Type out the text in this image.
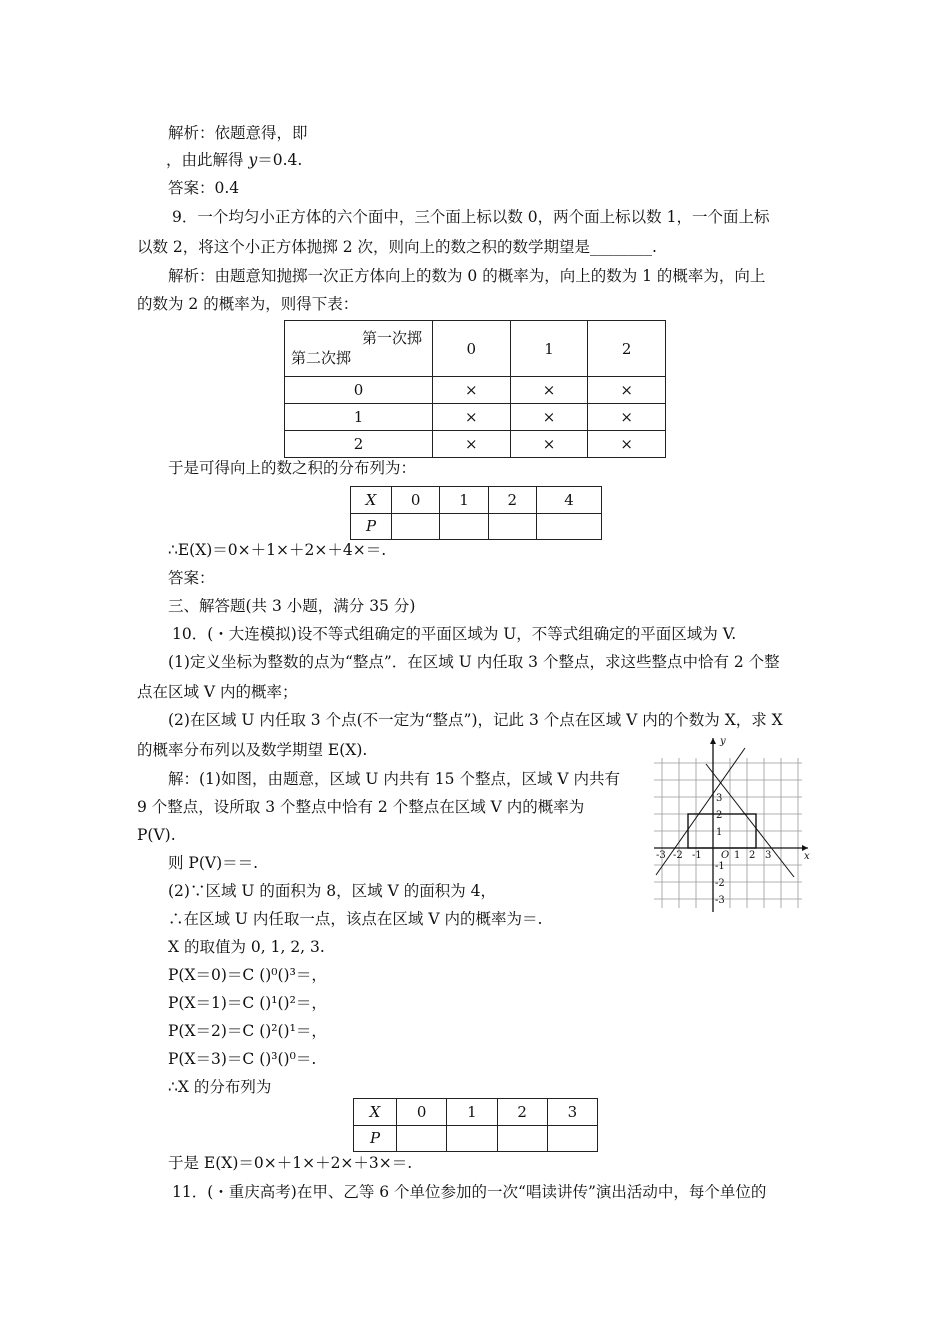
解析：依题意得，即
，由此解得 y＝0.4.
答案：0.4
9．一个均匀小正方体的六个面中，三个面上标以数 0，两个面上标以数 1，一个面上标
以数 2，将这个小正方体抛掷 2 次，则向上的数之积的数学期望是________.
解析：由题意知抛掷一次正方体向上的数为 0 的概率为，向上的数为 1 的概率为，向上
的数为 2 的概率为，则得下表：
第一次掷
第二次掷	0	1	2
0	×	×	×
1	×	×	×
2	×	×	×
于是可得向上的数之积的分布列为：
X	0	1	2	4
P				
∴E(X)＝0×＋1×＋2×＋4×＝.
答案：
三、解答题(共 3 小题，满分 35 分)
10．(・大连模拟)设不等式组确定的平面区域为 U，不等式组确定的平面区域为 V.
(1)定义坐标为整数的点为“整点”．在区域 U 内任取 3 个整点，求这些整点中恰有 2 个整
点在区域 V 内的概率；
(2)在区域 U 内任取 3 个点(不一定为“整点”)，记此 3 个点在区域 V 内的个数为 X，求 X
的概率分布列以及数学期望 E(X).
解：(1)如图，由题意，区域 U 内共有 15 个整点，区域 V 内共有
9 个整点，设所取 3 个整点中恰有 2 个整点在区域 V 内的概率为
P(V).
则 P(V)＝＝.
(2)∵区域 U 的面积为 8，区域 V 的面积为 4，
∴在区域 U 内任取一点，该点在区域 V 内的概率为＝.
X 的取值为 0, 1, 2, 3.
P(X＝0)＝C ()⁰()³＝，
P(X＝1)＝C ()¹()²＝，
P(X＝2)＝C ()²()¹＝，
P(X＝3)＝C ()³()⁰＝.
∴X 的分布列为
X	0	1	2	3
P				
于是 E(X)＝0×＋1×＋2×＋3×＝.
11．(・重庆高考)在甲、乙等 6 个单位参加的一次“唱读讲传”演出活动中，每个单位的
x
y
O
-3 -2 -1	1 2 3
3
2
1
-1
-2
-3
